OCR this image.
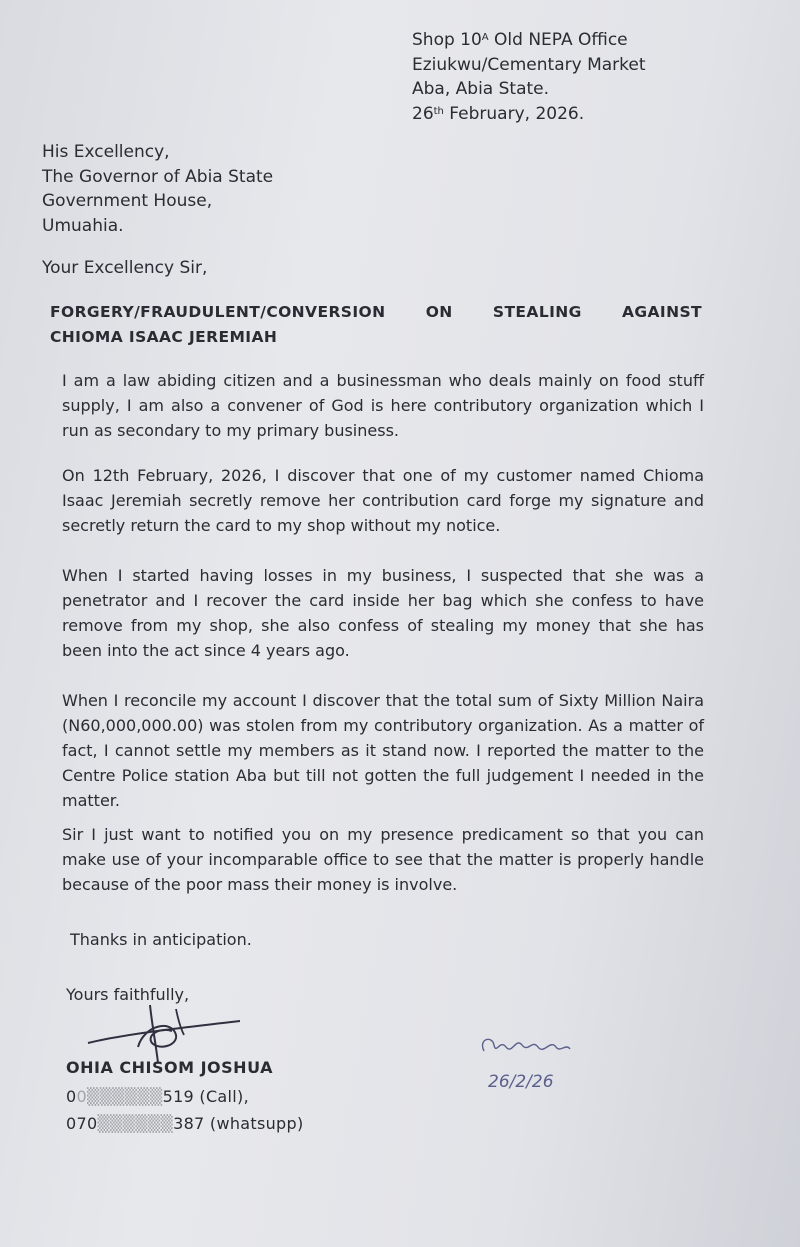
Shop $10^A$ Old NEPA Office
Eziukwu/Cementary Market
Aba, Abia State.
26th February, 2026.
His Excellency,
The Governor of Abia State
Government House,
Umuahia.
Your Excellency Sir,
FORGERY/FRAUDULENT/CONVERSION ON STEALING AGAINST
CHIOMA ISAAC JEREMIAH
I am a law abiding citizen and a businessman who deals mainly on food stuff supply, I am also a convener of God is here contributory organization which I run as secondary to my primary business.
On 12th February, 2026, I discover that one of my customer named Chioma Isaac Jeremiah secretly remove her contribution card forge my signature and secretly return the card to my shop without my notice.
When I started having losses in my business, I suspected that she was a penetrator and I recover the card inside her bag which she confess to have remove from my shop, she also confess of stealing my money that she has been into the act since 4 years ago.
When I reconcile my account I discover that the total sum of Sixty Million Naira (N60,000,000.00) was stolen from my contributory organization. As a matter of fact, I cannot settle my members as it stand now. I reported the matter to the Centre Police station Aba but till not gotten the full judgement I needed in the matter.
Sir I just want to notified you on my presence predicament so that you can make use of your incomparable office to see that the matter is properly handle because of the poor mass their money is involve.
Thanks in anticipation.
Yours faithfully,
OHIA CHISOM JOSHUA
00▒▒▒▒▒▒519 (Call),
070▒▒▒▒▒▒387 (whatsupp)
26/2/26
